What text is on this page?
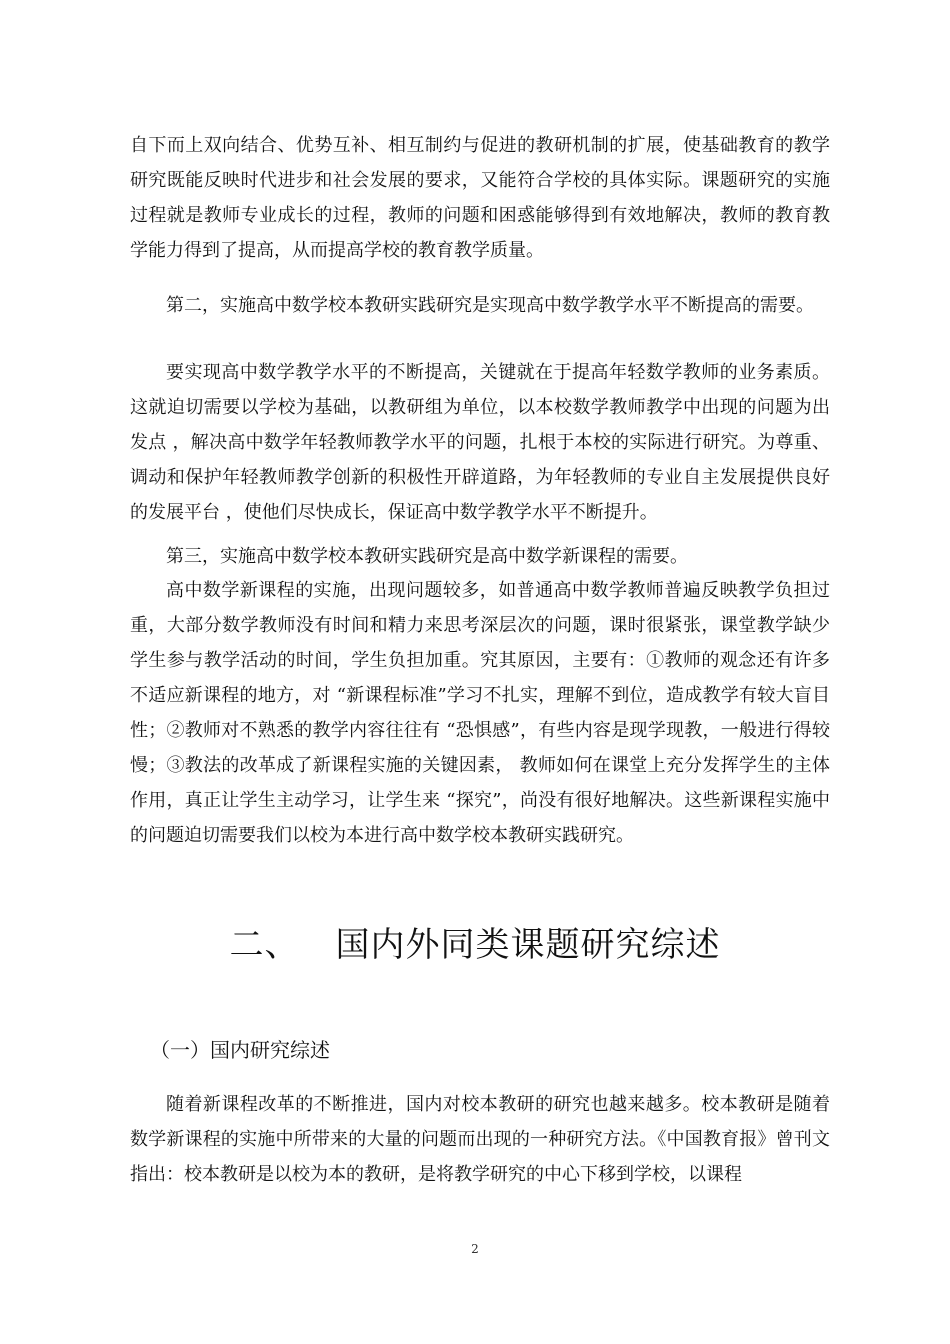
自下而上双向结合、优势互补、相互制约与促进的教研机制的扩展，使基础教育的教学研究既能反映时代进步和社会发展的要求，又能符合学校的具体实际。课题研究的实施过程就是教师专业成长的过程，教师的问题和困惑能够得到有效地解决，教师的教育教学能力得到了提高，从而提高学校的教育教学质量。

第二，实施高中数学校本教研实践研究是实现高中数学教学水平不断提高的需要。

要实现高中数学教学水平的不断提高，关键就在于提高年轻数学教师的业务素质。这就迫切需要以学校为基础，以教研组为单位，以本校数学教师教学中出现的问题为出发点 ，解决高中数学年轻教师教学水平的问题，扎根于本校的实际进行研究。为尊重、调动和保护年轻教师教学创新的积极性开辟道路，为年轻教师的专业自主发展提供良好的发展平台 ，使他们尽快成长，保证高中数学教学水平不断提升。

第三，实施高中数学校本教研实践研究是高中数学新课程的需要。

高中数学新课程的实施，出现问题较多，如普通高中数学教师普遍反映教学负担过重，大部分数学教师没有时间和精力来思考深层次的问题，课时很紧张，课堂教学缺少学生参与教学活动的时间，学生负担加重。究其原因，主要有：①教师的观念还有许多不适应新课程的地方，对 “新课程标准”学习不扎实，理解不到位，造成教学有较大盲目性；②教师对不熟悉的教学内容往往有 “恐惧感”，有些内容是现学现教，一般进行得较慢；③教法的改革成了新课程实施的关键因素， 教师如何在课堂上充分发挥学生的主体作用，真正让学生主动学习，让学生来 “探究”，尚没有很好地解决。这些新课程实施中的问题迫切需要我们以校为本进行高中数学校本教研实践研究。

二、 国内外同类课题研究综述
（一）国内研究综述

随着新课程改革的不断推进，国内对校本教研的研究也越来越多。校本教研是随着数学新课程的实施中所带来的大量的问题而出现的一种研究方法。《中国教育报》曾刊文指出：校本教研是以校为本的教研，是将教学研究的中心下移到学校，以课程

2
